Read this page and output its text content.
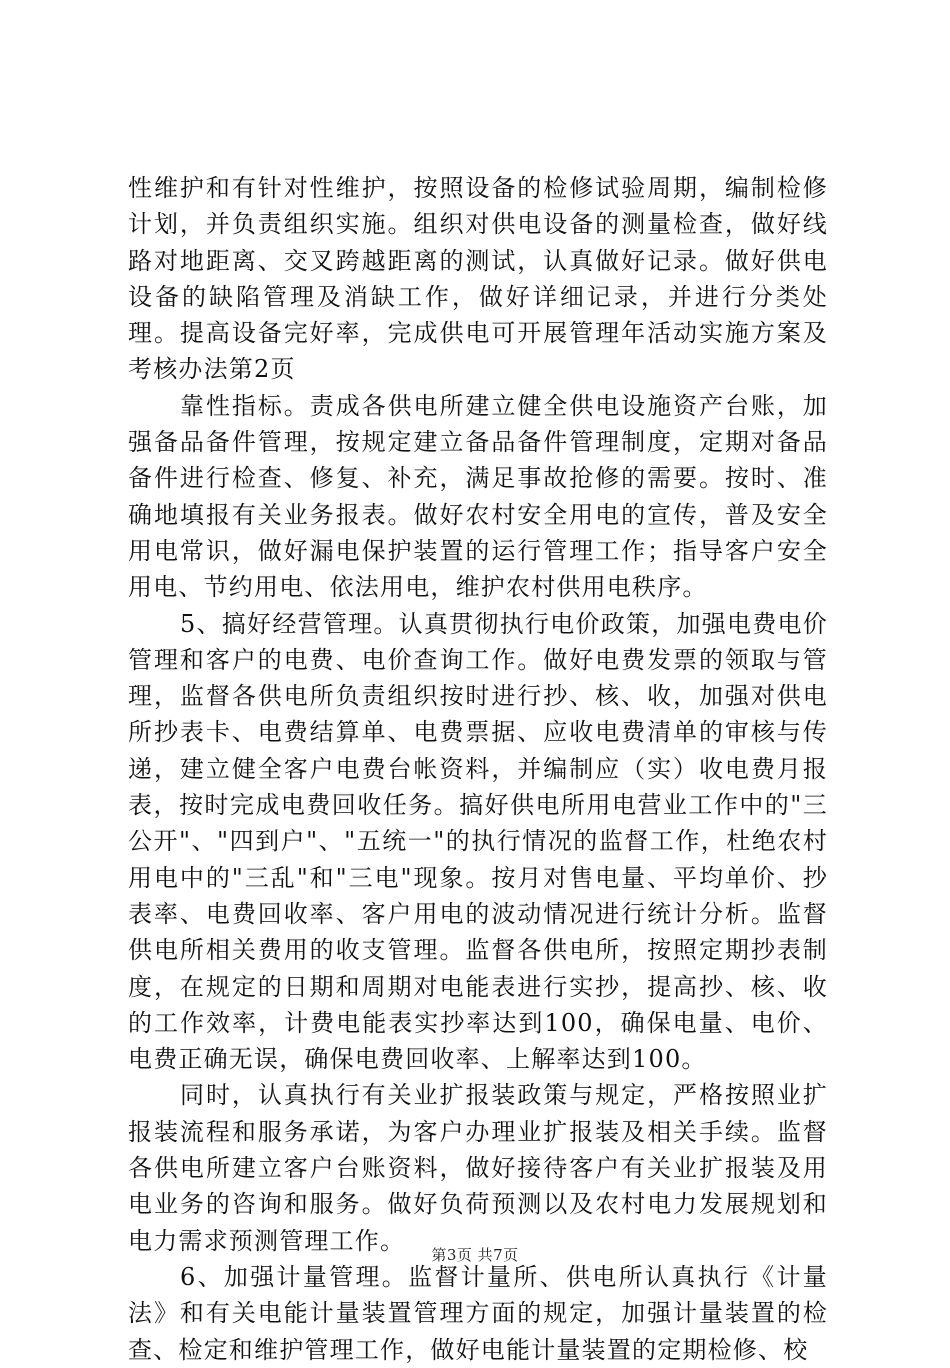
性维护和有针对性维护，按照设备的检修试验周期，编制检修计划，并负责组织实施。组织对供电设备的测量检查，做好线路对地距离、交叉跨越距离的测试，认真做好记录。做好供电设备的缺陷管理及消缺工作，做好详细记录，并进行分类处理。提高设备完好率，完成供电可开展管理年活动实施方案及考核办法第2页

靠性指标。责成各供电所建立健全供电设施资产台账，加强备品备件管理，按规定建立备品备件管理制度，定期对备品备件进行检查、修复、补充，满足事故抢修的需要。按时、准确地填报有关业务报表。做好农村安全用电的宣传，普及安全用电常识，做好漏电保护装置的运行管理工作；指导客户安全用电、节约用电、依法用电，维护农村供用电秩序。

5、搞好经营管理。认真贯彻执行电价政策，加强电费电价管理和客户的电费、电价查询工作。做好电费发票的领取与管理，监督各供电所负责组织按时进行抄、核、收，加强对供电所抄表卡、电费结算单、电费票据、应收电费清单的审核与传递，建立健全客户电费台帐资料，并编制应（实）收电费月报表，按时完成电费回收任务。搞好供电所用电营业工作中的"三公开"、"四到户"、"五统一"的执行情况的监督工作，杜绝农村用电中的"三乱"和"三电"现象。按月对售电量、平均单价、抄表率、电费回收率、客户用电的波动情况进行统计分析。监督供电所相关费用的收支管理。监督各供电所，按照定期抄表制度，在规定的日期和周期对电能表进行实抄，提高抄、核、收的工作效率，计费电能表实抄率达到100，确保电量、电价、电费正确无误，确保电费回收率、上解率达到100。

同时，认真执行有关业扩报装政策与规定，严格按照业扩报装流程和服务承诺，为客户办理业扩报装及相关手续。监督各供电所建立客户台账资料，做好接待客户有关业扩报装及用电业务的咨询和服务。做好负荷预测以及农村电力发展规划和电力需求预测管理工作。

6、加强计量管理。监督计量所、供电所认真执行《计量法》和有关电能计量装置管理方面的规定，加强计量装置的检查、检定和维护管理工作，做好电能计量装置的定期检修、校

第3页 共7页
